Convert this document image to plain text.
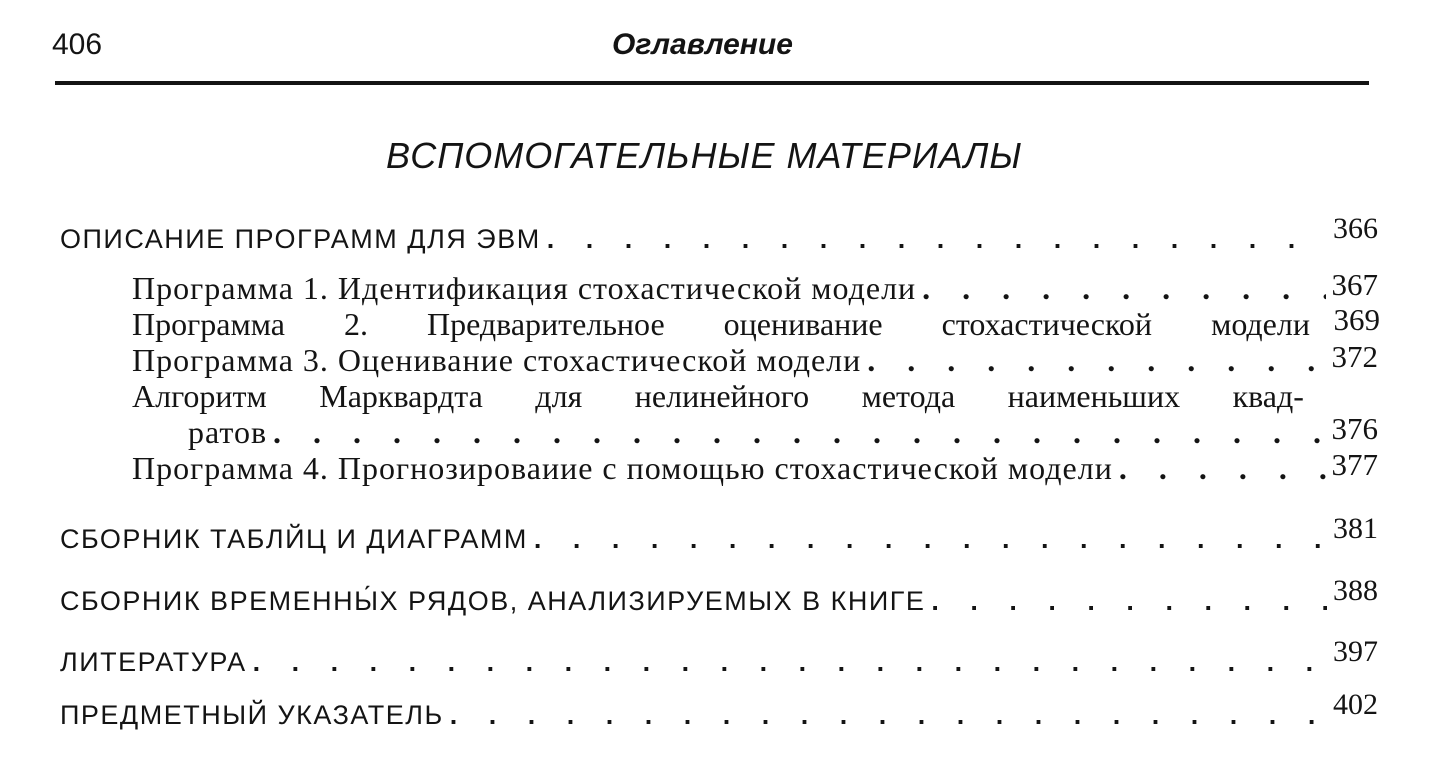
406	Оглавление
ВСПОМОГАТЕЛЬНЫЕ МАТЕРИАЛЫ
ОПИСАНИЕ ПРОГРАММ ДЛЯ ЭВМ . . .	366
Программа 1. Идентификация стохастической модели . . .	367
Программа 2. Предварительное оценивание стохастической модели 369
Программа 3. Оценивание стохастической модели . . .	372
Алгоритм Марквардта для нелинейного метода наименьших квад-
ратов . . .	376
Программа 4. Прогнозироваиие с помощью стохастической модели . . .	377
СБОРНИК ТАБЛЙЦ И ДИАГРАММ . . .	381
СБОРНИК ВРЕМЕННЫ́Х РЯДОВ, АНАЛИЗИРУЕМЫХ В КНИГЕ . . .	388
ЛИТЕРАТУРА . . .	397
ПРЕДМЕТНЫЙ УКАЗАТЕЛЬ . . .	402
